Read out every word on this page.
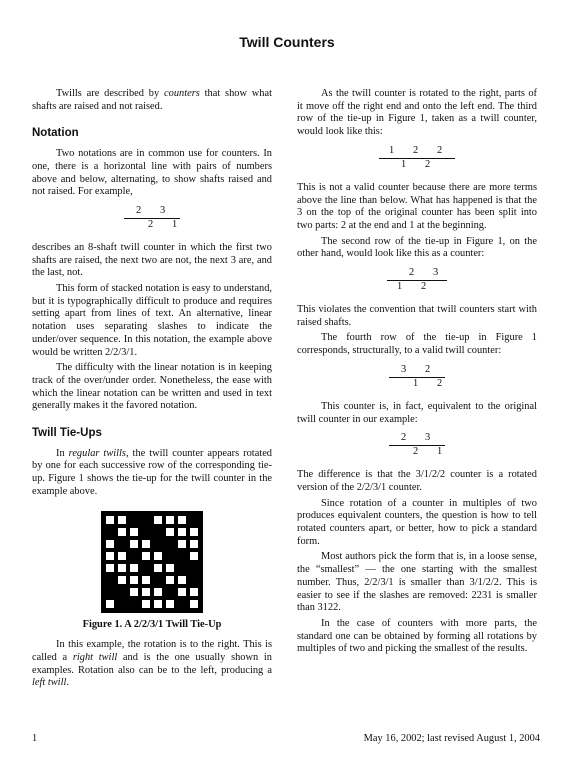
Twill Counters

Twills are described by counters that show what shafts are raised and not raised.

Notation

Two notations are in common use for counters. In one, there is a horizontal line with pairs of numbers above and below, alternating, to show shafts raised and not raised. For example,

2 3
2 1

describes an 8-shaft twill counter in which the first two shafts are raised, the next two are not, the next 3 are, and the last, not.

This form of stacked notation is easy to understand, but it is typographically difficult to produce and requires setting apart from lines of text. An alternative, linear notation uses separating slashes to indicate the under/over sequence. In this notation, the example above would be written 2/2/3/1.

The difficulty with the linear notation is in keeping track of the over/under order. Nonetheless, the ease with which the linear notation can be written and used in text generally makes it the favored notation.

Twill Tie-Ups

In regular twills, the twill counter appears rotated by one for each successive row of the corresponding tie-up. Figure 1 shows the tie-up for the twill counter in the example above.

Figure 1. A 2/2/3/1 Twill Tie-Up

In this example, the rotation is to the right. This is called a right twill and is the one usually shown in examples. Rotation also can be to the left, producing a left twill.

As the twill counter is rotated to the right, parts of it move off the right end and onto the left end. The third row of the tie-up in Figure 1, taken as a twill counter, would look like this:

1 2 2
1 2

This is not a valid counter because there are more terms above the line than below. What has happened is that the 3 on the top of the original counter has been split into two parts: 2 at the end and 1 at the beginning.

The second row of the tie-up in Figure 1, on the other hand, would look like this as a counter:

2 3
1 2

This violates the convention that twill counters start with raised shafts.

The fourth row of the tie-up in Figure 1 corresponds, structurally, to a valid twill counter:

3 2
1 2

This counter is, in fact, equivalent to the original twill counter in our example:

2 3
2 1

The difference is that the 3/1/2/2 counter is a rotated version of the 2/2/3/1 counter.

Since rotation of a counter in multiples of two produces equivalent counters, the question is how to tell rotated counters apart, or better, how to pick a standard form.

Most authors pick the form that is, in a loose sense, the “smallest” — the one starting with the smallest number. Thus, 2/2/3/1 is smaller than 3/1/2/2. This is easier to see if the slashes are removed: 2231 is smaller than 3122.

In the case of counters with more parts, the standard one can be obtained by forming all rotations by multiples of two and picking the smallest of the results.

1	May 16, 2002; last revised August 1, 2004
